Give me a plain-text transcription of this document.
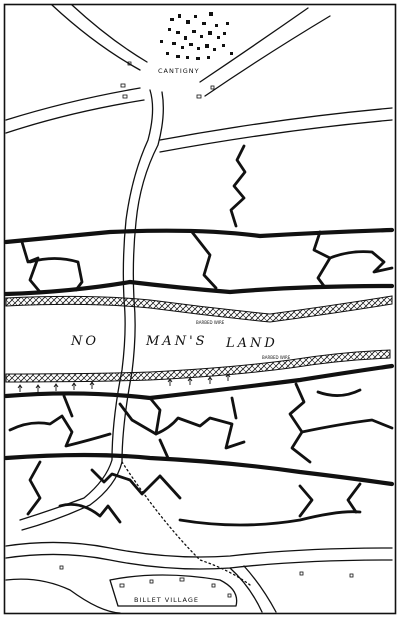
CANTIGNY
BARBED WIRE
NO	MAN'S LAND
BARBED WIRE
BILLET VILLAGE
